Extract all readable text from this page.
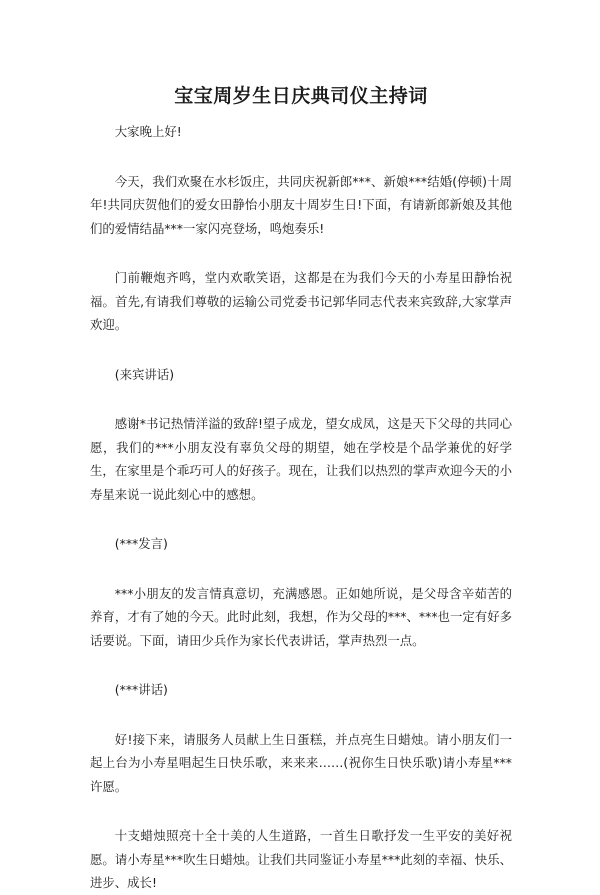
宝宝周岁生日庆典司仪主持词

大家晚上好!

今天，我们欢聚在水杉饭庄，共同庆祝新郎***、新娘***结婚(停顿)十周年!共同庆贺他们的爱女田静怡小朋友十周岁生日!下面，有请新郎新娘及其他们的爱情结晶***一家闪亮登场，鸣炮奏乐!

门前鞭炮齐鸣，堂内欢歌笑语，这都是在为我们今天的小寿星田静怡祝福。首先,有请我们尊敬的运输公司党委书记郭华同志代表来宾致辞,大家掌声欢迎。

(来宾讲话)

感谢*书记热情洋溢的致辞!望子成龙，望女成凤，这是天下父母的共同心愿，我们的***小朋友没有辜负父母的期望，她在学校是个品学兼优的好学生，在家里是个乖巧可人的好孩子。现在，让我们以热烈的掌声欢迎今天的小寿星来说一说此刻心中的感想。

(***发言)

***小朋友的发言情真意切，充满感恩。正如她所说，是父母含辛茹苦的养育，才有了她的今天。此时此刻，我想，作为父母的***、***也一定有好多话要说。下面，请田少兵作为家长代表讲话，掌声热烈一点。

(***讲话)

好!接下来，请服务人员献上生日蛋糕，并点亮生日蜡烛。请小朋友们一起上台为小寿星唱起生日快乐歌，来来来……(祝你生日快乐歌)请小寿星***许愿。

十支蜡烛照亮十全十美的人生道路，一首生日歌抒发一生平安的美好祝愿。请小寿星***吹生日蜡烛。让我们共同鉴证小寿星***此刻的幸福、快乐、进步、成长!
